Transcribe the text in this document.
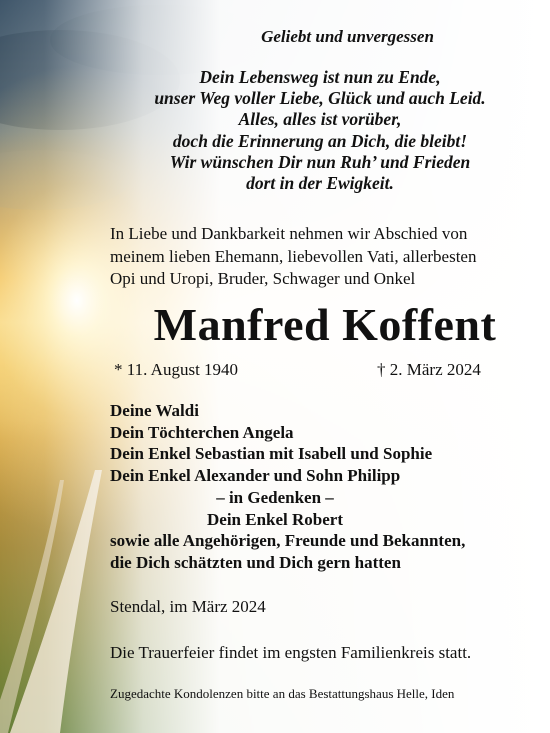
Geliebt und unvergessen
Dein Lebensweg ist nun zu Ende,
unser Weg voller Liebe, Glück und auch Leid.
Alles, alles ist vorüber,
doch die Erinnerung an Dich, die bleibt!
Wir wünschen Dir nun Ruh’ und Frieden
dort in der Ewigkeit.
In Liebe und Dankbarkeit nehmen wir Abschied von
meinem lieben Ehemann, liebevollen Vati, allerbesten
Opi und Uropi, Bruder, Schwager und Onkel
Manfred Koffent
* 11. August 1940	† 2. März 2024
Deine Waldi
Dein Töchterchen Angela
Dein Enkel Sebastian mit Isabell und Sophie
Dein Enkel Alexander und Sohn Philipp
– in Gedenken –
Dein Enkel Robert
sowie alle Angehörigen, Freunde und Bekannten,
die Dich schätzten und Dich gern hatten
Stendal, im März 2024
Die Trauerfeier findet im engsten Familienkreis statt.
Zugedachte Kondolenzen bitte an das Bestattungshaus Helle, Iden
